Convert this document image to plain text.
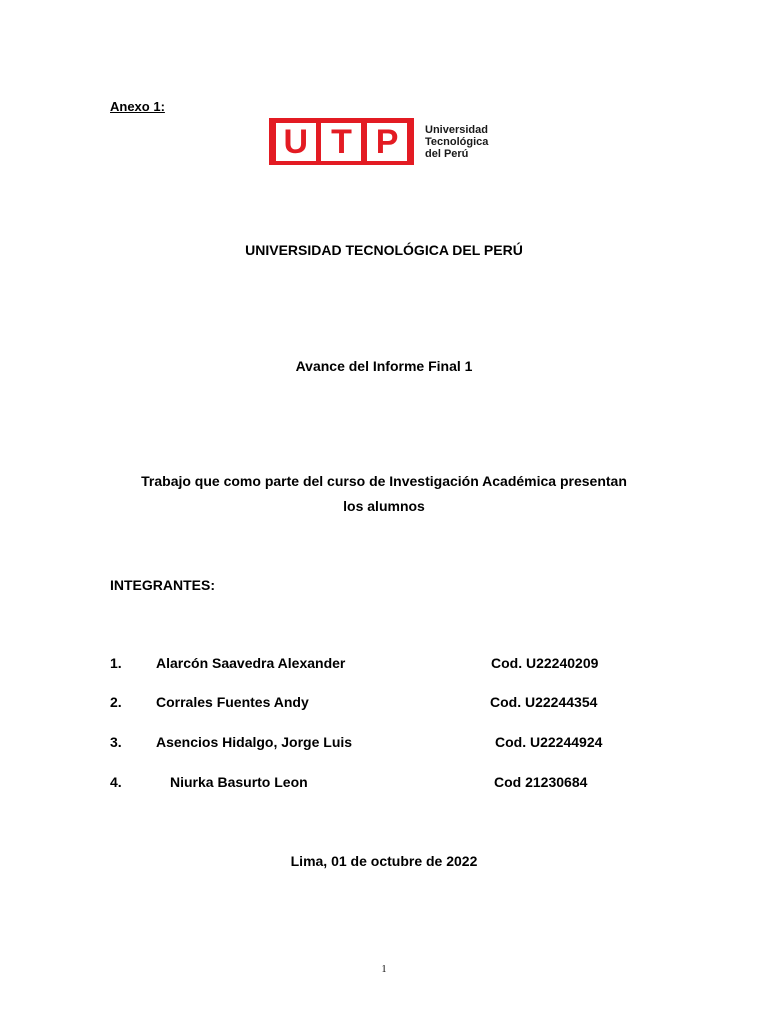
Anexo 1:
U T P	Universidad
Tecnológica
del Perú
UNIVERSIDAD TECNOLÓGICA DEL PERÚ
Avance del Informe Final 1
Trabajo que como parte del curso de Investigación Académica presentan
los alumnos
INTEGRANTES:
1. Alarcón Saavedra Alexander	Cod. U22240209
2. Corrales Fuentes Andy	Cod. U22244354
3. Asencios Hidalgo, Jorge Luis	Cod. U22244924
4.	Niurka Basurto Leon	Cod 21230684
Lima, 01 de octubre de 2022
1
